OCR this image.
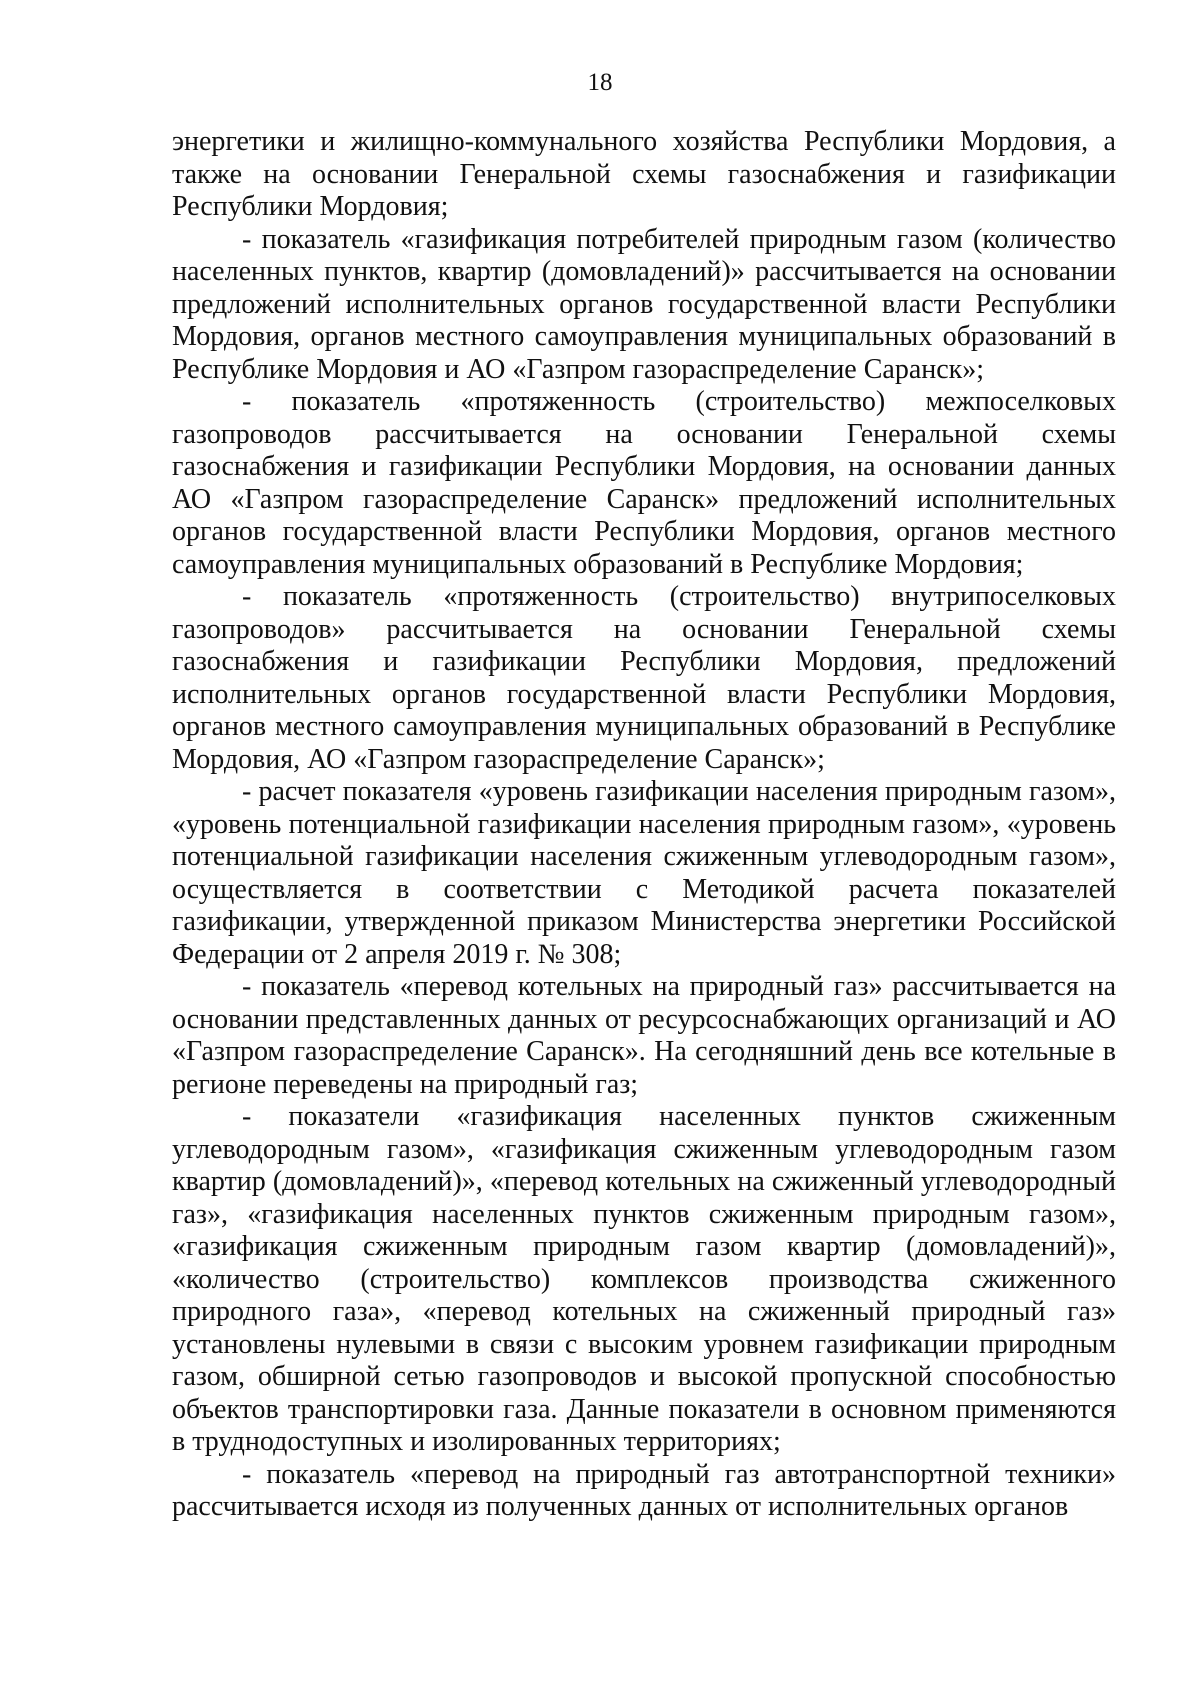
18

энергетики и жилищно-коммунального хозяйства Республики Мордовия, а также на основании Генеральной схемы газоснабжения и газификации Республики Мордовия;

- показатель «газификация потребителей природным газом (количество населенных пунктов, квартир (домовладений)» рассчитывается на основании предложений исполнительных органов государственной власти Республики Мордовия, органов местного самоуправления муниципальных образований в Республике Мордовия и АО «Газпром газораспределение Саранск»;

- показатель «протяженность (строительство) межпоселковых газопроводов рассчитывается на основании Генеральной схемы газоснабжения и газификации Республики Мордовия, на основании данных АО «Газпром газораспределение Саранск» предложений исполнительных органов государственной власти Республики Мордовия, органов местного самоуправления муниципальных образований в Республике Мордовия;

- показатель «протяженность (строительство) внутрипоселковых газопроводов» рассчитывается на основании Генеральной схемы газоснабжения и газификации Республики Мордовия, предложений исполнительных органов государственной власти Республики Мордовия, органов местного самоуправления муниципальных образований в Республике Мордовия, АО «Газпром газораспределение Саранск»;

- расчет показателя «уровень газификации населения природным газом», «уровень потенциальной газификации населения природным газом», «уровень потенциальной газификации населения сжиженным углеводородным газом», осуществляется в соответствии с Методикой расчета показателей газификации, утвержденной приказом Министерства энергетики Российской Федерации от 2 апреля 2019 г. № 308;

- показатель «перевод котельных на природный газ» рассчитывается на основании представленных данных от ресурсоснабжающих организаций и АО «Газпром газораспределение Саранск». На сегодняшний день все котельные в регионе переведены на природный газ;

- показатели «газификация населенных пунктов сжиженным углеводородным газом», «газификация сжиженным углеводородным газом квартир (домовладений)», «перевод котельных на сжиженный углеводородный газ», «газификация населенных пунктов сжиженным природным газом», «газификация сжиженным природным газом квартир (домовладений)», «количество (строительство) комплексов производства сжиженного природного газа», «перевод котельных на сжиженный природный газ» установлены нулевыми в связи с высоким уровнем газификации природным газом, обширной сетью газопроводов и высокой пропускной способностью объектов транспортировки газа. Данные показатели в основном применяются в труднодоступных и изолированных территориях;

- показатель «перевод на природный газ автотранспортной техники» рассчитывается исходя из полученных данных от исполнительных органов
